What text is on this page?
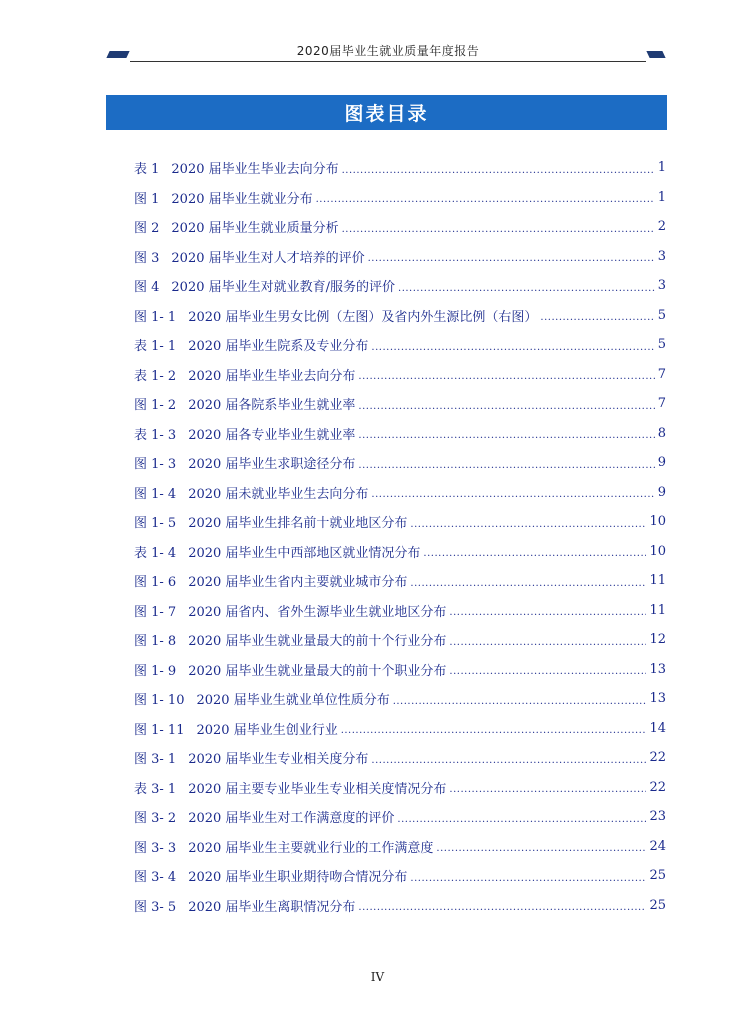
2020届毕业生就业质量年度报告
图表目录
表 1 2020 届毕业生毕业去向分布 .....	1
图 1 2020 届毕业生就业分布 .....	1
图 2 2020 届毕业生就业质量分析 .....	2
图 3 2020 届毕业生对人才培养的评价 .....	3
图 4 2020 届毕业生对就业教育/服务的评价 .....	3
图 1- 1 2020 届毕业生男女比例（左图）及省内外生源比例（右图） .....	5
表 1- 1 2020 届毕业生院系及专业分布 .....	5
表 1- 2 2020 届毕业生毕业去向分布 .....	7
图 1- 2 2020 届各院系毕业生就业率 .....	7
表 1- 3 2020 届各专业毕业生就业率 .....	8
图 1- 3 2020 届毕业生求职途径分布 .....	9
图 1- 4 2020 届未就业毕业生去向分布 .....	9
图 1- 5 2020 届毕业生排名前十就业地区分布 .....	10
表 1- 4 2020 届毕业生中西部地区就业情况分布 .....	10
图 1- 6 2020 届毕业生省内主要就业城市分布 .....	11
图 1- 7 2020 届省内、省外生源毕业生就业地区分布 .....	11
图 1- 8 2020 届毕业生就业量最大的前十个行业分布 .....	12
图 1- 9 2020 届毕业生就业量最大的前十个职业分布 .....	13
图 1- 10 2020 届毕业生就业单位性质分布 .....	13
图 1- 11 2020 届毕业生创业行业 .....	14
图 3- 1 2020 届毕业生专业相关度分布 .....	22
表 3- 1 2020 届主要专业毕业生专业相关度情况分布 .....	22
图 3- 2 2020 届毕业生对工作满意度的评价 .....	23
图 3- 3 2020 届毕业生主要就业行业的工作满意度 .....	24
图 3- 4 2020 届毕业生职业期待吻合情况分布 .....	25
图 3- 5 2020 届毕业生离职情况分布 .....	25
IV
